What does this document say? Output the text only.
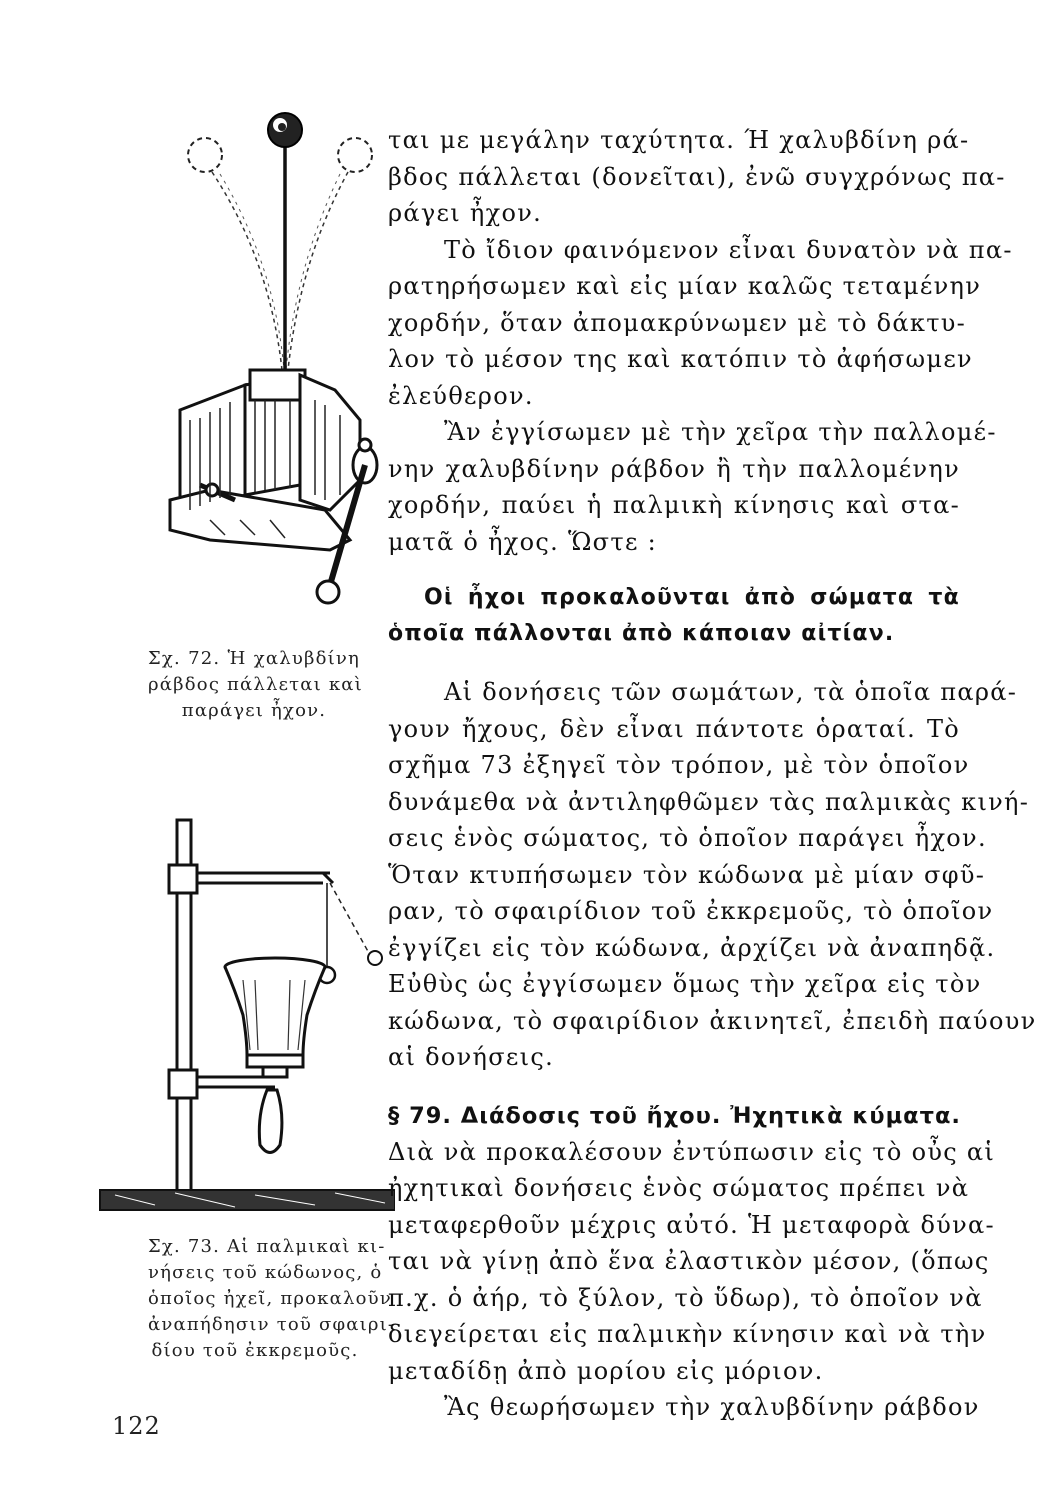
Σχ. 72. Ἡ χαλυβδίνη
ράβδος πάλλεται καὶ
παράγει ἦχον.
Σχ. 73. Αἱ παλμικαὶ κι-
νήσεις τοῦ κώδωνος, ὁ
ὁποῖος ἠχεῖ, προκαλοῦν
ἀναπήδησιν τοῦ σφαιρι-
δίου τοῦ ἐκκρεμοῦς.
122
ται με μεγάλην ταχύτητα. Ή χαλυβδίνη ρά-
βδος πάλλεται (δονεῖται), ἐνῶ συγχρόνως πα-
ράγει ἦχον.
Τὸ ἴδιον φαινόμενον εἶναι δυνατὸν νὰ πα-
ρατηρήσωμεν καὶ εἰς μίαν καλῶς τεταμένην
χορδήν, ὅταν ἀπομακρύνωμεν μὲ τὸ δάκτυ-
λον τὸ μέσον της καὶ κατόπιν τὸ ἀφήσωμεν
ἐλεύθερον.
Ἂν ἐγγίσωμεν μὲ τὴν χεῖρα τὴν παλλομέ-
νην χαλυβδίνην ράβδον ἢ τὴν παλλομένην
χορδήν, παύει ἡ παλμικὴ κίνησις καὶ στα-
ματᾶ ὁ ἦχος. Ὥστε :
Οἱ ἦχοι προκαλοῦνται ἀπὸ σώματα τὰ
ὁποῖα πάλλονται ἀπὸ κάποιαν αἰτίαν.
Αἱ δονήσεις τῶν σωμάτων, τὰ ὁποῖα παρά-
γουν ἤχους, δὲν εἶναι πάντοτε ὁραταί. Τὸ
σχῆμα 73 ἐξηγεῖ τὸν τρόπον, μὲ τὸν ὁποῖον
δυνάμεθα νὰ ἀντιληφθῶμεν τὰς παλμικὰς κινή-
σεις ἑνὸς σώματος, τὸ ὁποῖον παράγει ἦχον.
Ὅταν κτυπήσωμεν τὸν κώδωνα μὲ μίαν σφῦ-
ραν, τὸ σφαιρίδιον τοῦ ἐκκρεμοῦς, τὸ ὁποῖον
ἐγγίζει εἰς τὸν κώδωνα, ἀρχίζει νὰ ἀναπηδᾷ.
Εὐθὺς ὡς ἐγγίσωμεν ὅμως τὴν χεῖρα εἰς τὸν
κώδωνα, τὸ σφαιρίδιον ἀκινητεῖ, ἐπειδὴ παύουν
αἱ δονήσεις.
§ 79. Διάδοσις τοῦ ἤχου. Ἠχητικὰ κύματα.
Διὰ νὰ προκαλέσουν ἐντύπωσιν εἰς τὸ οὖς αἱ
ἠχητικαὶ δονήσεις ἑνὸς σώματος πρέπει νὰ
μεταφερθοῦν μέχρις αὐτό. Ἡ μεταφορὰ δύνα-
ται νὰ γίνῃ ἀπὸ ἕνα ἐλαστικὸν μέσον, (ὅπως
π.χ. ὁ ἀήρ, τὸ ξύλον, τὸ ὕδωρ), τὸ ὁποῖον νὰ
διεγείρεται εἰς παλμικὴν κίνησιν καὶ νὰ τὴν
μεταδίδῃ ἀπὸ μορίου εἰς μόριον.
Ἂς θεωρήσωμεν τὴν χαλυβδίνην ράβδον
